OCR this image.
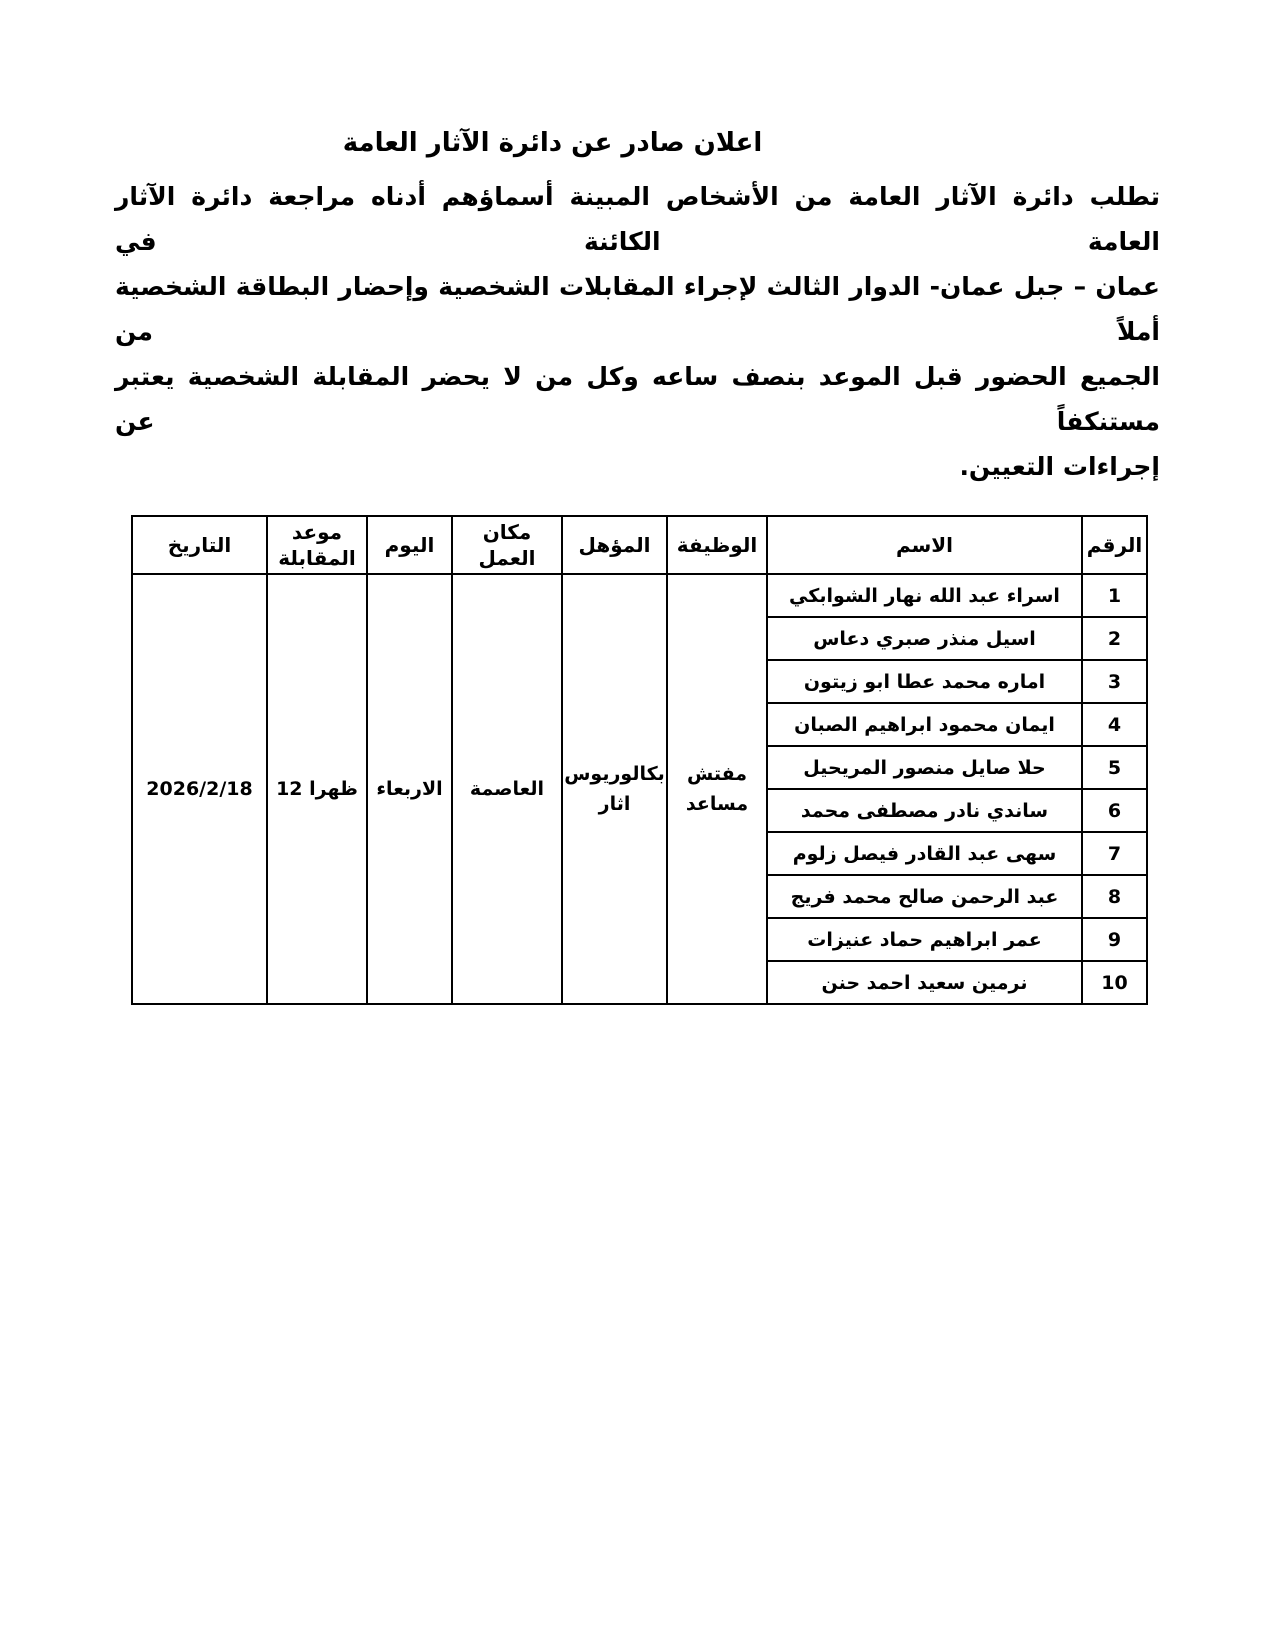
اعلان صادر عن دائرة الآثار العامة
تطلب دائرة الآثار العامة من الأشخاص المبينة أسماؤهم أدناه مراجعة دائرة الآثار العامة الكائنة في
عمان – جبل عمان- الدوار الثالث لإجراء المقابلات الشخصية وإحضار البطاقة الشخصية أملاً من
الجميع الحضور قبل الموعد بنصف ساعه وكل من لا يحضر المقابلة الشخصية يعتبر مستنكفاً عن
إجراءات التعيين.
الرقم	الاسم	الوظيفة	المؤهل	مكان العمل	اليوم	موعد المقابلة	التاريخ
1	اسراء عبد الله نهار الشوابكي	مفتش مساعد	بكالوريوس اثار	العاصمة	الاربعاء	12 ظهرا	2026/2/18
2	اسيل منذر صبري دعاس						
3	اماره محمد عطا ابو زيتون						
4	ايمان محمود ابراهيم الصبان						
5	حلا صايل منصور المريحيل						
6	ساندي نادر مصطفى محمد						
7	سهى عبد القادر فيصل زلوم						
8	عبد الرحمن صالح محمد فريج						
9	عمر ابراهيم حماد عنيزات						
10	نرمين سعيد احمد حنن						
